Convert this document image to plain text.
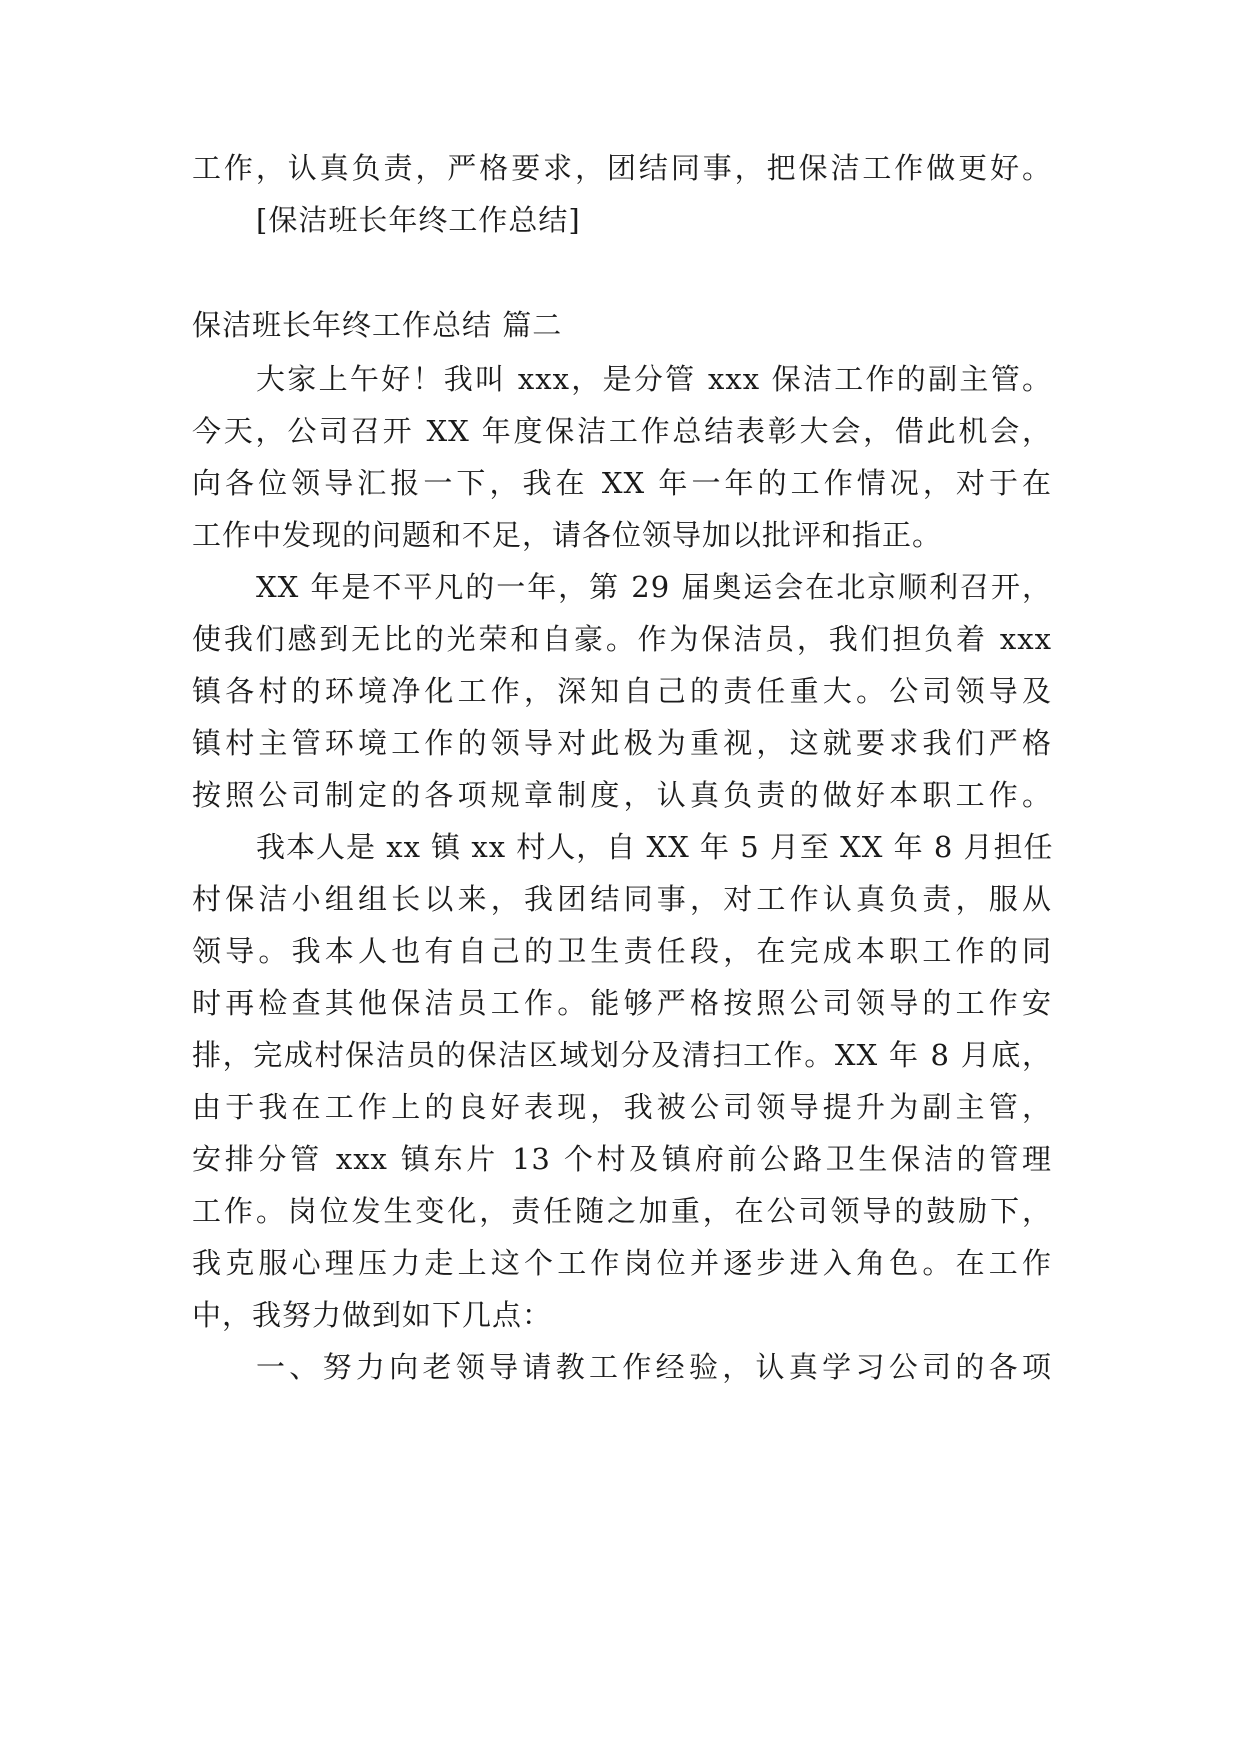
工作，认真负责，严格要求，团结同事，把保洁工作做更好。
[保洁班长年终工作总结]
保洁班长年终工作总结 篇二
大家上午好！我叫 xxx，是分管 xxx 保洁工作的副主管。
今天，公司召开 XX 年度保洁工作总结表彰大会，借此机会，
向各位领导汇报一下，我在 XX 年一年的工作情况，对于在
工作中发现的问题和不足，请各位领导加以批评和指正。
XX 年是不平凡的一年，第 29 届奥运会在北京顺利召开，
使我们感到无比的光荣和自豪。作为保洁员，我们担负着 xxx
镇各村的环境净化工作，深知自己的责任重大。公司领导及
镇村主管环境工作的领导对此极为重视，这就要求我们严格
按照公司制定的各项规章制度，认真负责的做好本职工作。
我本人是 xx 镇 xx 村人，自 XX 年 5 月至 XX 年 8 月担任
村保洁小组组长以来，我团结同事，对工作认真负责，服从
领导。我本人也有自己的卫生责任段，在完成本职工作的同
时再检查其他保洁员工作。能够严格按照公司领导的工作安
排，完成村保洁员的保洁区域划分及清扫工作。XX 年 8 月底，
由于我在工作上的良好表现，我被公司领导提升为副主管，
安排分管 xxx 镇东片 13 个村及镇府前公路卫生保洁的管理
工作。岗位发生变化，责任随之加重，在公司领导的鼓励下，
我克服心理压力走上这个工作岗位并逐步进入角色。在工作
中，我努力做到如下几点：
一、努力向老领导请教工作经验，认真学习公司的各项
